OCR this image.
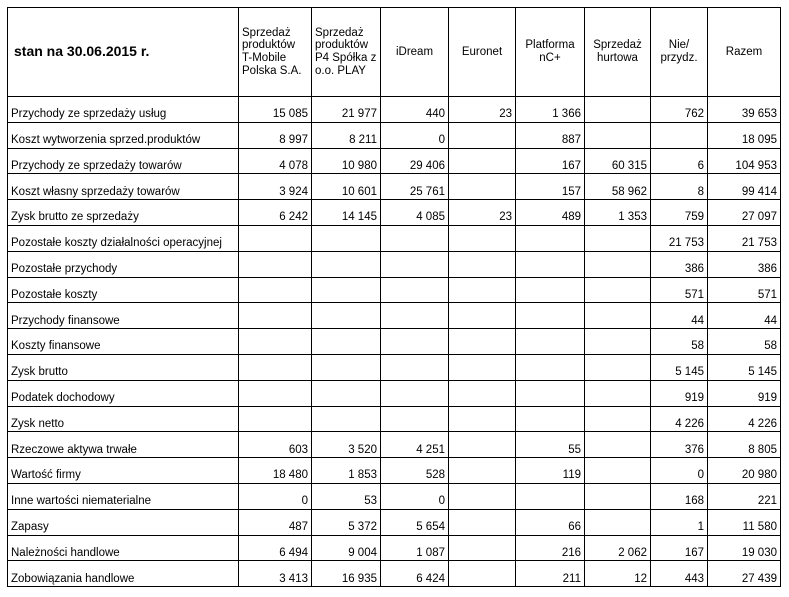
stan na 30.06.2015 r.	Sprzedaż produktów T-Mobile Polska S.A.	Sprzedaż produktów P4 Spółka z o.o. PLAY	iDream	Euronet	Platforma nC+	Sprzedaż hurtowa	Nie/ przydz.	Razem
Przychody ze sprzedaży usług	15 085	21 977	440	23	1 366		762	39 653
Koszt wytworzenia sprzed.produktów	8 997	8 211	0		887			18 095
Przychody ze sprzedaży towarów	4 078	10 980	29 406		167	60 315	6	104 953
Koszt własny sprzedaży towarów	3 924	10 601	25 761		157	58 962	8	99 414
Zysk brutto ze sprzedaży	6 242	14 145	4 085	23	489	1 353	759	27 097
Pozostałe koszty działalności operacyjnej							21 753	21 753
Pozostałe przychody							386	386
Pozostałe koszty							571	571
Przychody finansowe							44	44
Koszty finansowe							58	58
Zysk brutto							5 145	5 145
Podatek dochodowy							919	919
Zysk netto							4 226	4 226
Rzeczowe aktywa trwałe	603	3 520	4 251		55		376	8 805
Wartość firmy	18 480	1 853	528		119		0	20 980
Inne wartości niematerialne	0	53	0				168	221
Zapasy	487	5 372	5 654		66		1	11 580
Należności handlowe	6 494	9 004	1 087		216	2 062	167	19 030
Zobowiązania handlowe	3 413	16 935	6 424		211	12	443	27 439
